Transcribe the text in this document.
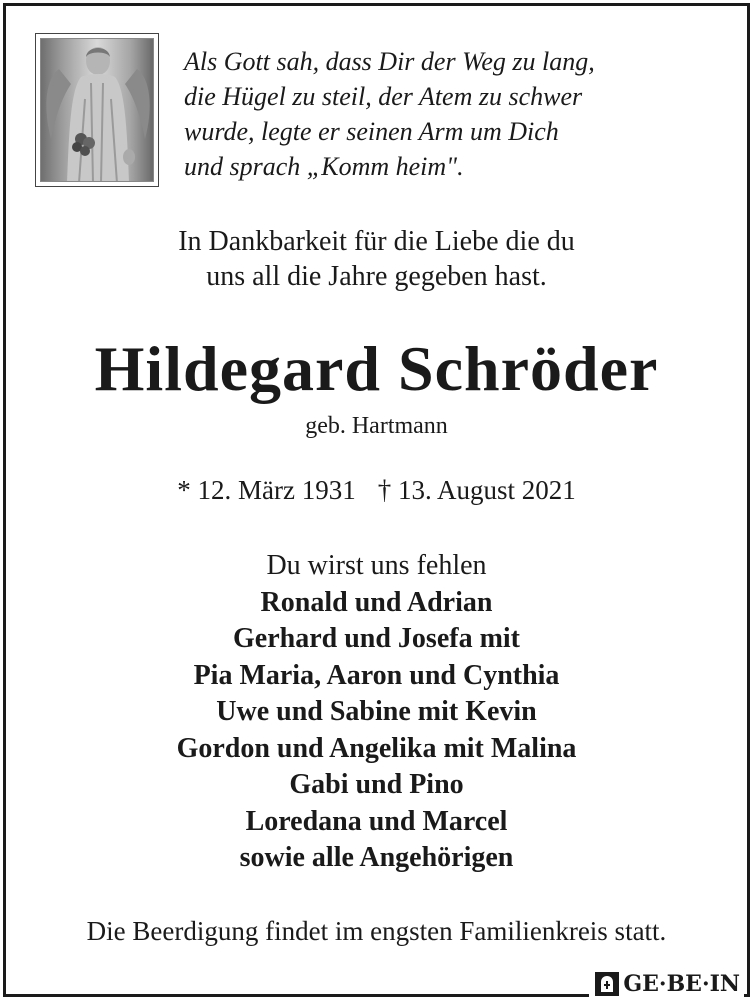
Als Gott sah, dass Dir der Weg zu lang,
die Hügel zu steil, der Atem zu schwer
wurde, legte er seinen Arm um Dich
und sprach „Komm heim".
In Dankbarkeit für die Liebe die du
uns all die Jahre gegeben hast.
Hildegard Schröder
geb. Hartmann
* 12. März 1931 † 13. August 2021
Du wirst uns fehlen
Ronald und Adrian
Gerhard und Josefa mit
Pia Maria, Aaron und Cynthia
Uwe und Sabine mit Kevin
Gordon und Angelika mit Malina
Gabi und Pino
Loredana und Marcel
sowie alle Angehörigen
Die Beerdigung findet im engsten Familienkreis statt.
GE·BE·IN
